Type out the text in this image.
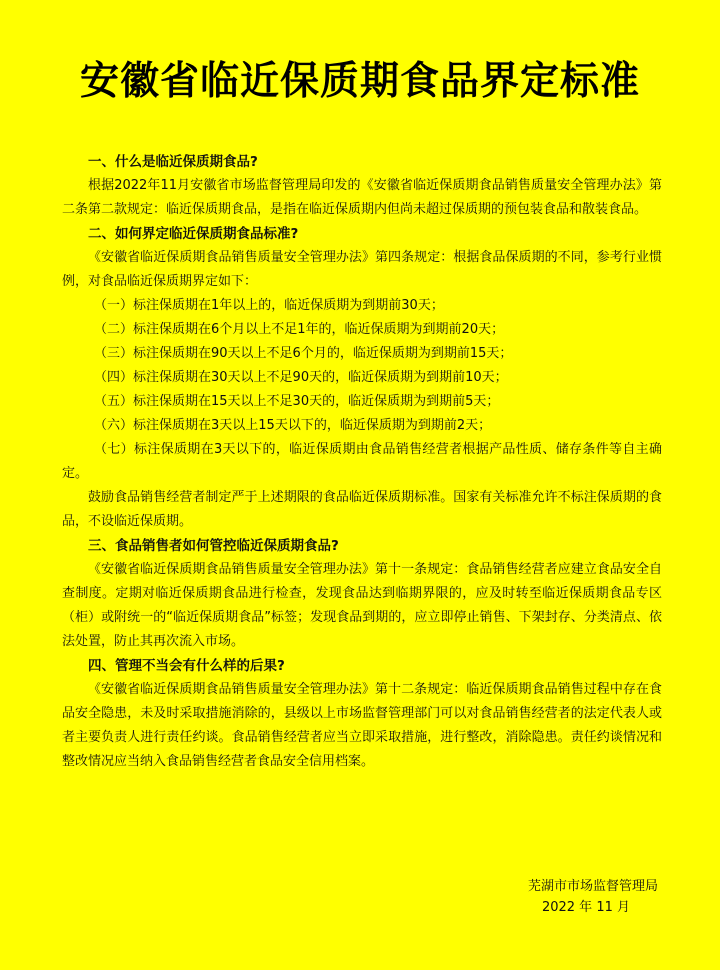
安徽省临近保质期食品界定标准

一、什么是临近保质期食品?

根据2022年11月安徽省市场监督管理局印发的《安徽省临近保质期食品销售质量安全管理办法》第二条第二款规定：临近保质期食品，是指在临近保质期内但尚未超过保质期的预包装食品和散装食品。

二、如何界定临近保质期食品标准?

《安徽省临近保质期食品销售质量安全管理办法》第四条规定：根据食品保质期的不同，参考行业惯例，对食品临近保质期界定如下：

（一）标注保质期在1年以上的，临近保质期为到期前30天；

（二）标注保质期在6个月以上不足1年的，临近保质期为到期前20天；

（三）标注保质期在90天以上不足6个月的，临近保质期为到期前15天；

（四）标注保质期在30天以上不足90天的，临近保质期为到期前10天；

（五）标注保质期在15天以上不足30天的，临近保质期为到期前5天；

（六）标注保质期在3天以上15天以下的，临近保质期为到期前2天；

（七）标注保质期在3天以下的，临近保质期由食品销售经营者根据产品性质、储存条件等自主确定。

鼓励食品销售经营者制定严于上述期限的食品临近保质期标准。国家有关标准允许不标注保质期的食品，不设临近保质期。

三、食品销售者如何管控临近保质期食品?

《安徽省临近保质期食品销售质量安全管理办法》第十一条规定：食品销售经营者应建立食品安全自查制度。定期对临近保质期食品进行检查，发现食品达到临期界限的，应及时转至临近保质期食品专区（柜）或附统一的“临近保质期食品”标签；发现食品到期的，应立即停止销售、下架封存、分类清点、依法处置，防止其再次流入市场。

四、管理不当会有什么样的后果?

《安徽省临近保质期食品销售质量安全管理办法》第十二条规定：临近保质期食品销售过程中存在食品安全隐患，未及时采取措施消除的，县级以上市场监督管理部门可以对食品销售经营者的法定代表人或者主要负责人进行责任约谈。食品销售经营者应当立即采取措施，进行整改，消除隐患。责任约谈情况和整改情况应当纳入食品销售经营者食品安全信用档案。

芜湖市市场监督管理局
2022 年 11 月
